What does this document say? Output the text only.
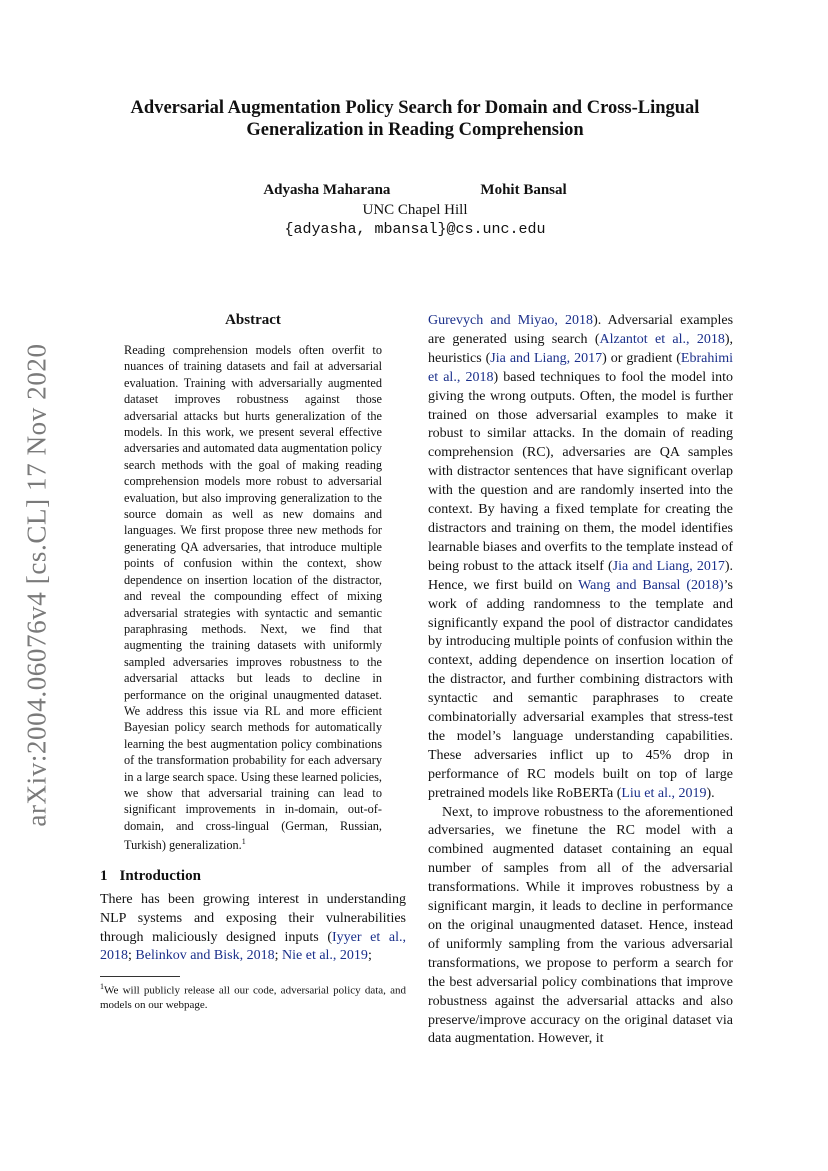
arXiv:2004.06076v4 [cs.CL] 17 Nov 2020
Adversarial Augmentation Policy Search for Domain and Cross-Lingual Generalization in Reading Comprehension
Adyasha Maharana	Mohit Bansal
UNC Chapel Hill
{adyasha, mbansal}@cs.unc.edu
Abstract

Reading comprehension models often overfit to nuances of training datasets and fail at adversarial evaluation. Training with adversarially augmented dataset improves robustness against those adversarial attacks but hurts generalization of the models. In this work, we present several effective adversaries and automated data augmentation policy search methods with the goal of making reading comprehension models more robust to adversarial evaluation, but also improving generalization to the source domain as well as new domains and languages. We first propose three new methods for generating QA adversaries, that introduce multiple points of confusion within the context, show dependence on insertion location of the distractor, and reveal the compounding effect of mixing adversarial strategies with syntactic and semantic paraphrasing methods. Next, we find that augmenting the training datasets with uniformly sampled adversaries improves robustness to the adversarial attacks but leads to decline in performance on the original unaugmented dataset. We address this issue via RL and more efficient Bayesian policy search methods for automatically learning the best augmentation policy combinations of the transformation probability for each adversary in a large search space. Using these learned policies, we show that adversarial training can lead to significant improvements in in-domain, out-of-domain, and cross-lingual (German, Russian, Turkish) generalization.$^1$

1 Introduction

There has been growing interest in understanding NLP systems and exposing their vulnerabilities through maliciously designed inputs (Iyyer et al., 2018; Belinkov and Bisk, 2018; Nie et al., 2019;

$^1$We will publicly release all our code, adversarial policy data, and models on our webpage.

Gurevych and Miyao, 2018). Adversarial examples are generated using search (Alzantot et al., 2018), heuristics (Jia and Liang, 2017) or gradient (Ebrahimi et al., 2018) based techniques to fool the model into giving the wrong outputs. Often, the model is further trained on those adversarial examples to make it robust to similar attacks. In the domain of reading comprehension (RC), adversaries are QA samples with distractor sentences that have significant overlap with the question and are randomly inserted into the context. By having a fixed template for creating the distractors and training on them, the model identifies learnable biases and overfits to the template instead of being robust to the attack itself (Jia and Liang, 2017). Hence, we first build on Wang and Bansal (2018)’s work of adding randomness to the template and significantly expand the pool of distractor candidates by introducing multiple points of confusion within the context, adding dependence on insertion location of the distractor, and further combining distractors with syntactic and semantic paraphrases to create combinatorially adversarial examples that stress-test the model’s language understanding capabilities. These adversaries inflict up to 45% drop in performance of RC models built on top of large pretrained models like RoBERTa (Liu et al., 2019).

Next, to improve robustness to the aforementioned adversaries, we finetune the RC model with a combined augmented dataset containing an equal number of samples from all of the adversarial transformations. While it improves robustness by a significant margin, it leads to decline in performance on the original unaugmented dataset. Hence, instead of uniformly sampling from the various adversarial transformations, we propose to perform a search for the best adversarial policy combinations that improve robustness against the adversarial attacks and also preserve/improve accuracy on the original dataset via data augmentation. However, it
